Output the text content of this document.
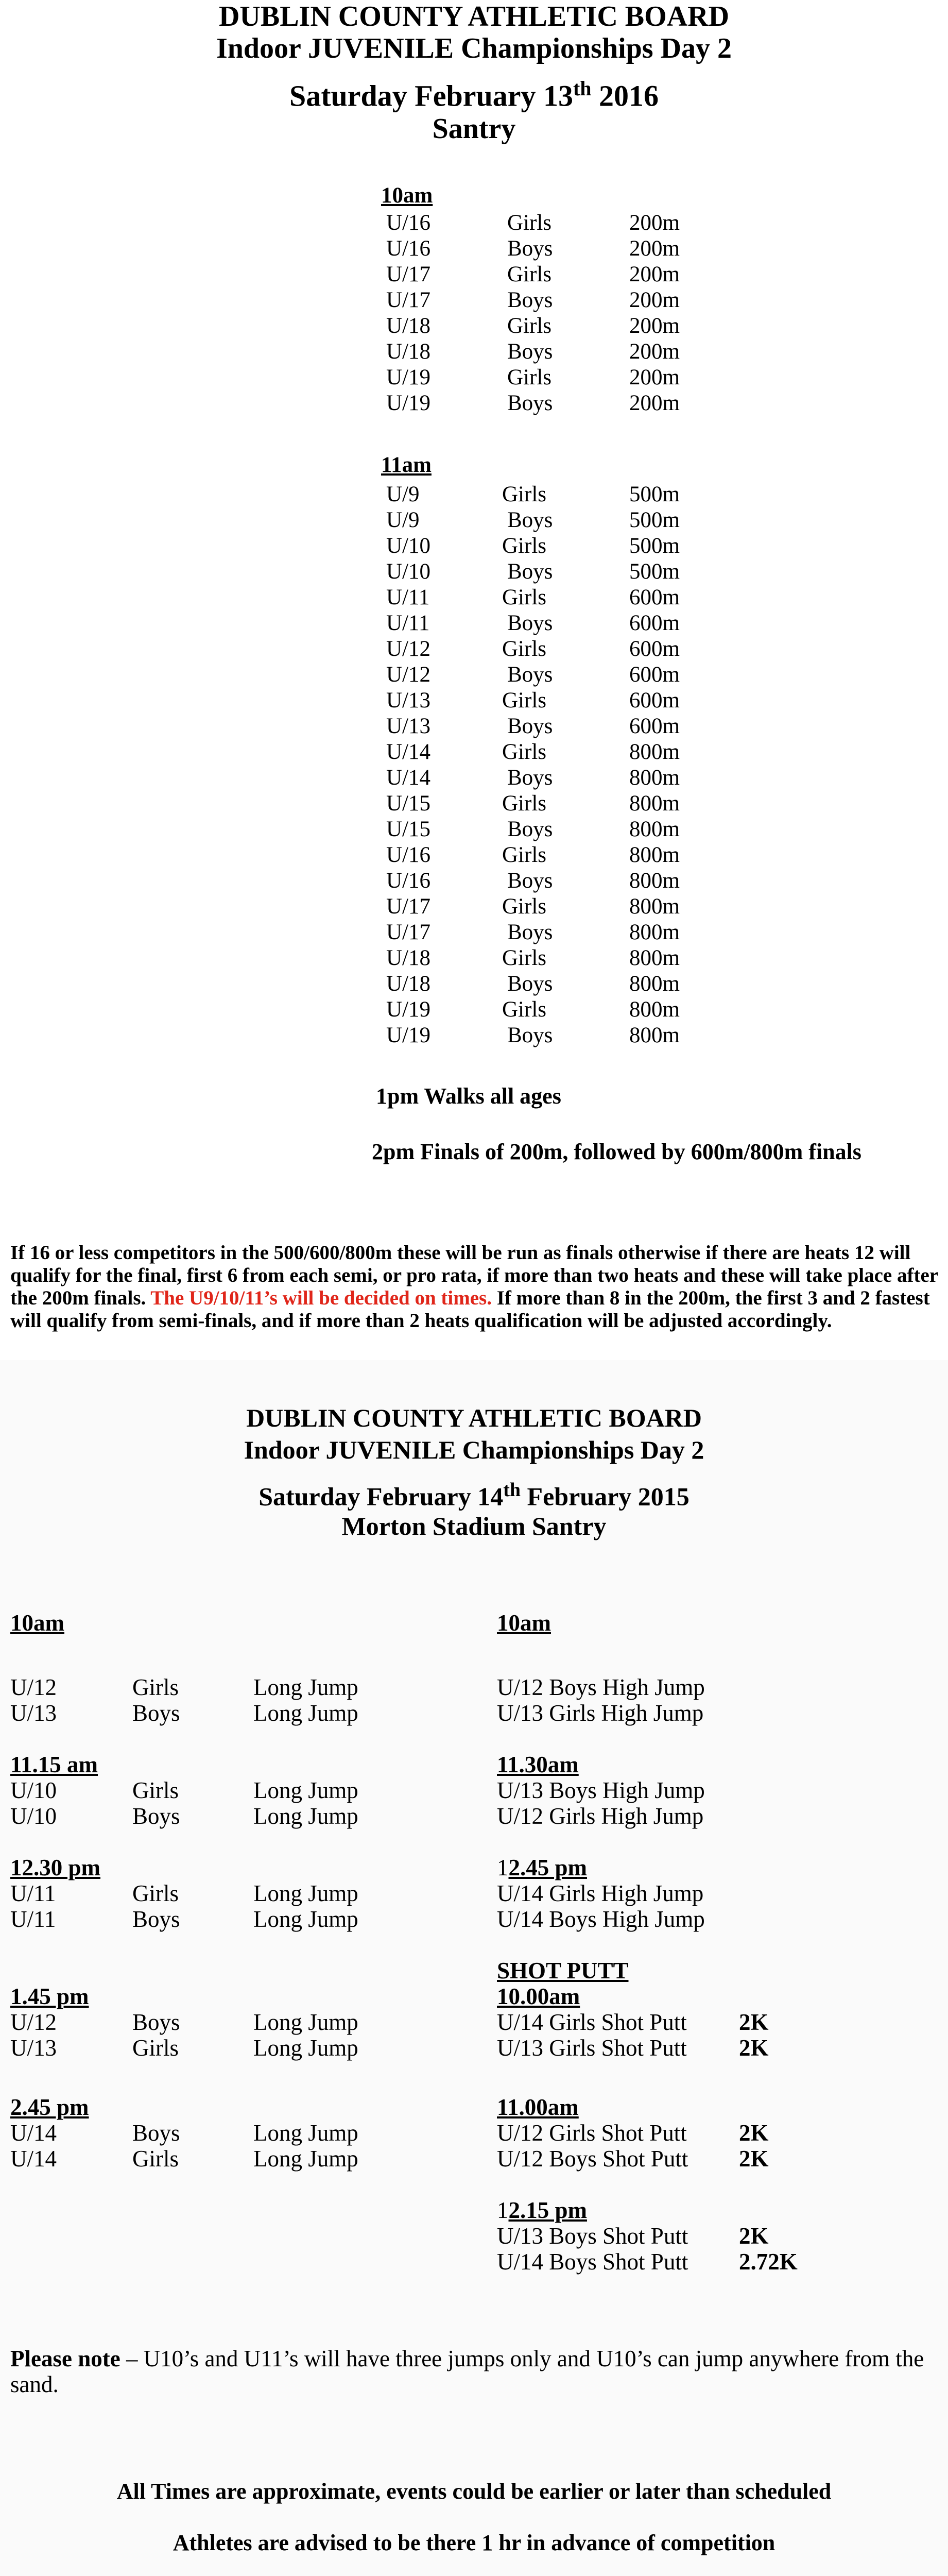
DUBLIN COUNTY ATHLETIC BOARD
Indoor JUVENILE Championships Day 2
Saturday February 13th 2016
Santry
10am
U/16	Girls	200m
U/16	Boys	200m
U/17	Girls	200m
U/17	Boys	200m
U/18	Girls	200m
U/18	Boys	200m
U/19	Girls	200m
U/19	Boys	200m
11am
U/9	Girls	500m
U/9	Boys	500m
U/10	Girls	500m
U/10	Boys	500m
U/11	Girls	600m
U/11	Boys	600m
U/12	Girls	600m
U/12	Boys	600m
U/13	Girls	600m
U/13	Boys	600m
U/14	Girls	800m
U/14	Boys	800m
U/15	Girls	800m
U/15	Boys	800m
U/16	Girls	800m
U/16	Boys	800m
U/17	Girls	800m
U/17	Boys	800m
U/18	Girls	800m
U/18	Boys	800m
U/19	Girls	800m
U/19	Boys	800m
1pm Walks all ages
2pm Finals of 200m, followed by 600m/800m finals
If 16 or less competitors in the 500/600/800m these will be run as finals otherwise if there are heats 12 will qualify for the final, first 6 from each semi, or pro rata, if more than two heats and these will take place after the 200m finals. The U9/10/11’s will be decided on times. If more than 8 in the 200m, the first 3 and 2 fastest will qualify from semi-finals, and if more than 2 heats qualification will be adjusted accordingly.
DUBLIN COUNTY ATHLETIC BOARD
Indoor JUVENILE Championships Day 2
Saturday February 14th February 2015
Morton Stadium Santry
10am
U/12	Girls	Long Jump
U/13	Boys	Long Jump
11.15 am
U/10	Girls	Long Jump
U/10	Boys	Long Jump
12.30 pm
U/11	Girls	Long Jump
U/11	Boys	Long Jump
1.45 pm
U/12	Boys	Long Jump
U/13	Girls	Long Jump
2.45 pm
U/14	Boys	Long Jump
U/14	Girls	Long Jump
10am
U/12 Boys High Jump
U/13 Girls High Jump
11.30am
U/13 Boys High Jump
U/12 Girls High Jump
12.45 pm
U/14 Girls High Jump
U/14 Boys High Jump
SHOT PUTT
10.00am
U/14 Girls Shot Putt 2K
U/13 Girls Shot Putt 2K
11.00am
U/12 Girls Shot Putt 2K
U/12 Boys Shot Putt 2K
12.15 pm
U/13 Boys Shot Putt 2K
U/14 Boys Shot Putt 2.72K
Please note – U10’s and U11’s will have three jumps only and U10’s can jump anywhere from the sand.
All Times are approximate, events could be earlier or later than scheduled
Athletes are advised to be there 1 hr in advance of competition
